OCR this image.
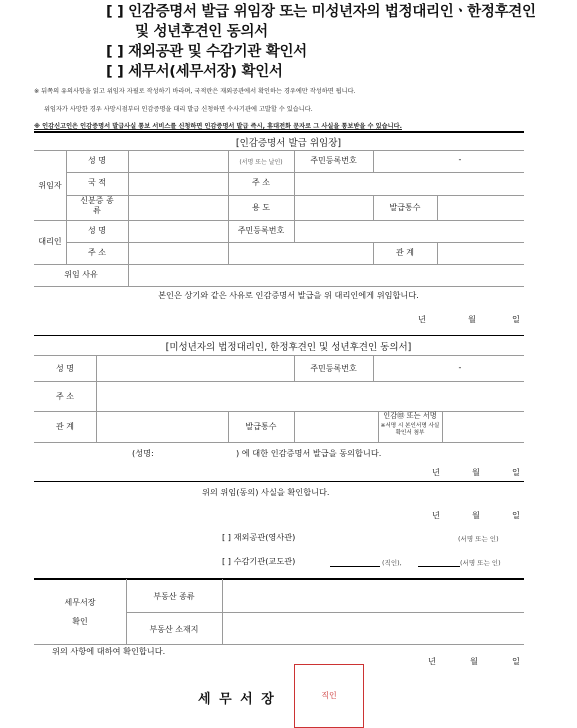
[ ] 인감증명서 발급 위임장 또는 미성년자의 법정대리인ㆍ한정후견인
및 성년후견인 동의서
[ ] 재외공관 및 수감기관 확인서
[ ] 세무서(세무서장) 확인서
※ 뒤쪽의 유의사항을 읽고 위임자 자필로 작성하기 바라며, 국적란은 재외공관에서 확인하는 경우에만 작성하면 됩니다.
위임자가 사망한 경우 사망시점부터 인감증명을 대리 발급 신청하면 수사기관에 고발할 수 있습니다.
※ 인감신고인은 인감증명서 발급사실 통보 서비스를 신청하면 인감증명서 발급 즉시, 휴대전화 문자로 그 사실을 통보받을 수 있습니다.
[인감증명서 발급 위임장]
위임자
성 명	(서명 또는 날인)	주민등록번호	-
국 적	주 소
신분증 종 류	용 도	발급통수
대리인
성 명	주민등록번호
주 소	관 계
위임 사유
본인은 상기와 같은 사유로 인감증명서 발급을 위 대리인에게 위임합니다.
년	월	일
[미성년자의 법정대리인, 한정후견인 및 성년후견인 동의서]
성 명	주민등록번호	-
주 소
관 계	발급통수
인감㊞ 또는 서명
※서명 시 본인서명 사실확인서 첨부
(성명:	) 에 대한 인감증명서 발급을 동의합니다.
년	월	일
위의 위임(동의) 사실을 확인합니다.
년	월	일
[ ] 재외공관(영사관)	(서명 또는 인)
[ ] 수감기관(교도관)	(직인),	(서명 또는 인)
세무서장
확인
부동산 종류
부동산 소재지
위의 사항에 대하여 확인합니다.
년	월	일
세 무 서 장	직인
